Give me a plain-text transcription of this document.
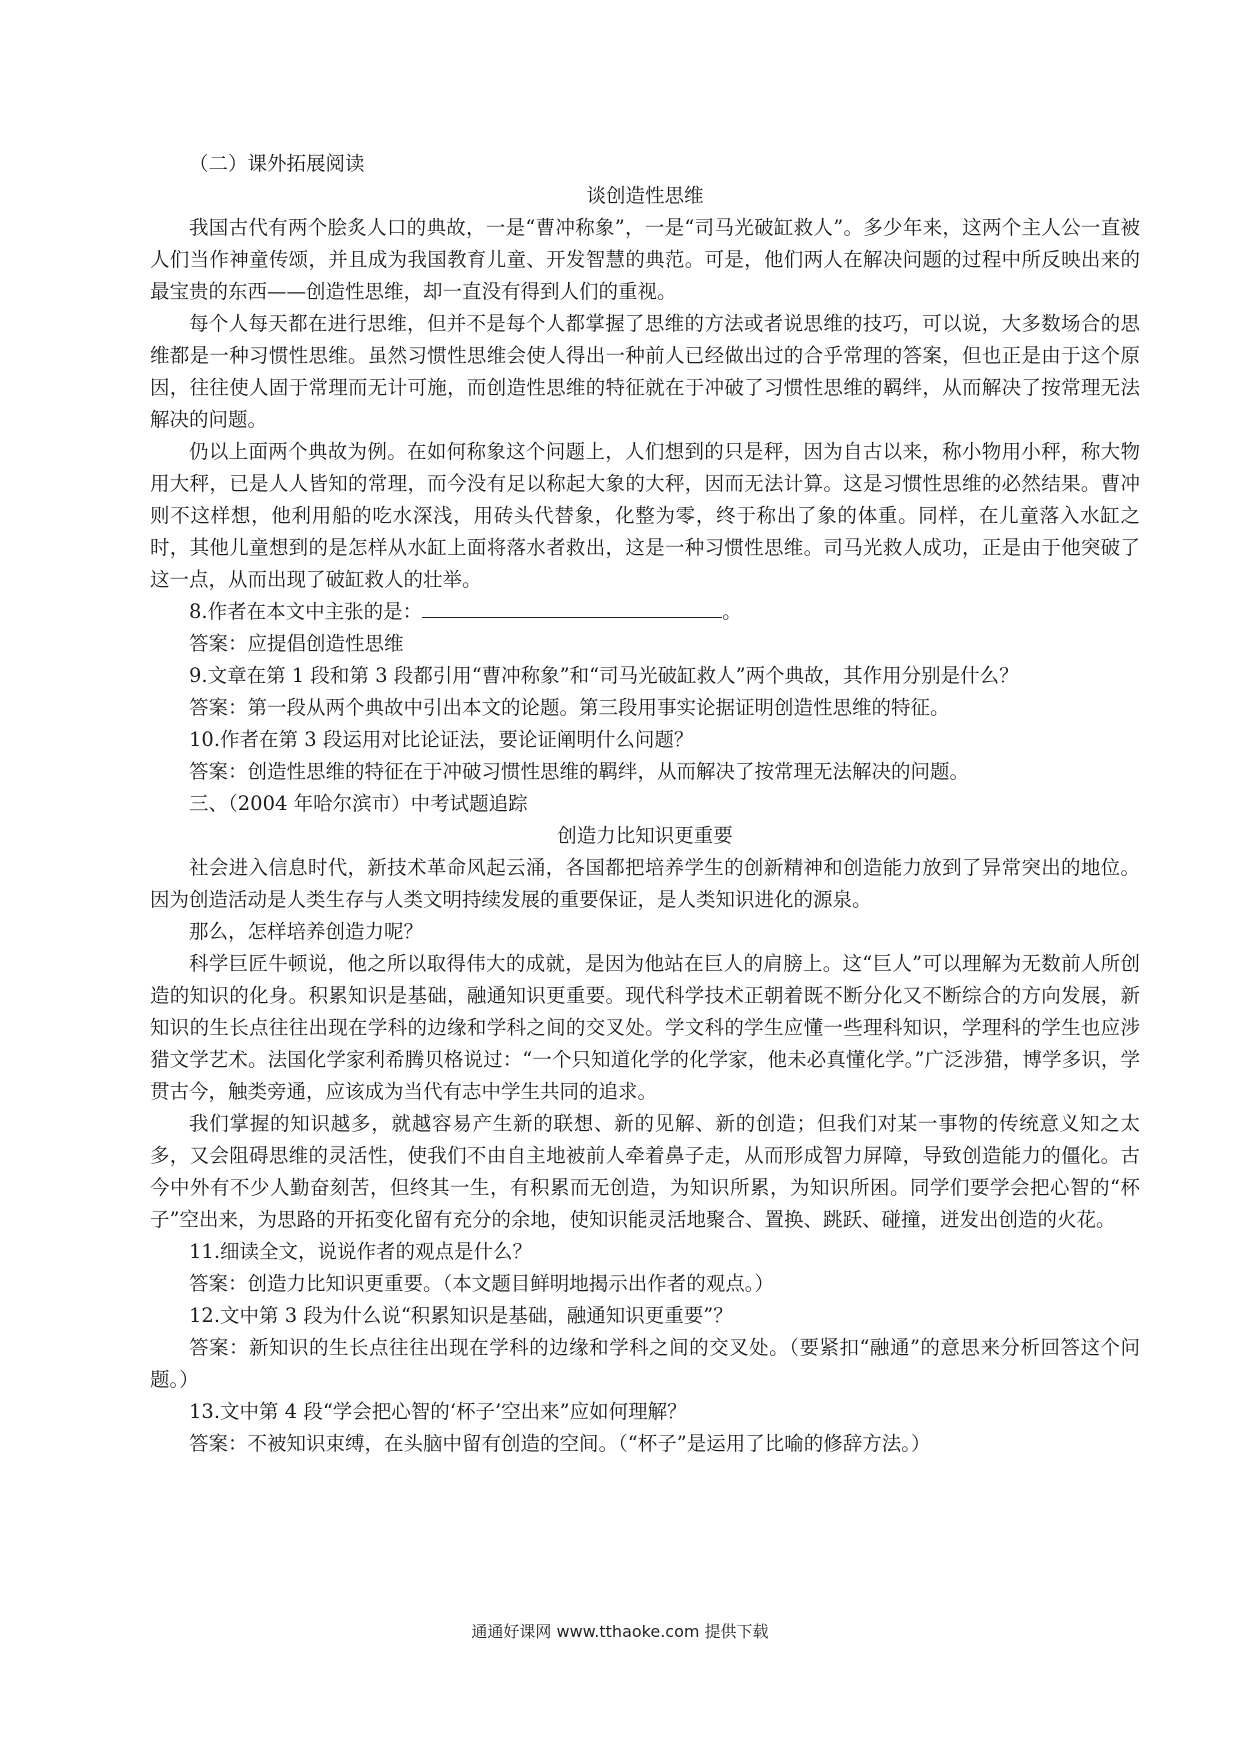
（二）课外拓展阅读
谈创造性思维
我国古代有两个脍炙人口的典故，一是“曹冲称象”，一是“司马光破缸救人”。多少年来，这两个主人公一直被人们当作神童传颂，并且成为我国教育儿童、开发智慧的典范。可是，他们两人在解决问题的过程中所反映出来的最宝贵的东西——创造性思维，却一直没有得到人们的重视。
每个人每天都在进行思维，但并不是每个人都掌握了思维的方法或者说思维的技巧，可以说，大多数场合的思维都是一种习惯性思维。虽然习惯性思维会使人得出一种前人已经做出过的合乎常理的答案，但也正是由于这个原因，往往使人固于常理而无计可施，而创造性思维的特征就在于冲破了习惯性思维的羁绊，从而解决了按常理无法解决的问题。
仍以上面两个典故为例。在如何称象这个问题上，人们想到的只是秤，因为自古以来，称小物用小秤，称大物用大秤，已是人人皆知的常理，而今没有足以称起大象的大秤，因而无法计算。这是习惯性思维的必然结果。曹冲则不这样想，他利用船的吃水深浅，用砖头代替象，化整为零，终于称出了象的体重。同样，在儿童落入水缸之时，其他儿童想到的是怎样从水缸上面将落水者救出，这是一种习惯性思维。司马光救人成功，正是由于他突破了这一点，从而出现了破缸救人的壮举。
8.作者在本文中主张的是：	。
答案：应提倡创造性思维
9.文章在第 1 段和第 3 段都引用“曹冲称象”和“司马光破缸救人”两个典故，其作用分别是什么？
答案：第一段从两个典故中引出本文的论题。第三段用事实论据证明创造性思维的特征。
10.作者在第 3 段运用对比论证法，要论证阐明什么问题？
答案：创造性思维的特征在于冲破习惯性思维的羁绊，从而解决了按常理无法解决的问题。
三、（2004 年哈尔滨市）中考试题追踪
创造力比知识更重要
社会进入信息时代，新技术革命风起云涌，各国都把培养学生的创新精神和创造能力放到了异常突出的地位。因为创造活动是人类生存与人类文明持续发展的重要保证，是人类知识进化的源泉。
那么，怎样培养创造力呢？
科学巨匠牛顿说，他之所以取得伟大的成就，是因为他站在巨人的肩膀上。这“巨人”可以理解为无数前人所创造的知识的化身。积累知识是基础，融通知识更重要。现代科学技术正朝着既不断分化又不断综合的方向发展，新知识的生长点往往出现在学科的边缘和学科之间的交叉处。学文科的学生应懂一些理科知识，学理科的学生也应涉猎文学艺术。法国化学家利希腾贝格说过：“一个只知道化学的化学家，他未必真懂化学。”广泛涉猎，博学多识，学贯古今，触类旁通，应该成为当代有志中学生共同的追求。
我们掌握的知识越多，就越容易产生新的联想、新的见解、新的创造；但我们对某一事物的传统意义知之太多，又会阻碍思维的灵活性，使我们不由自主地被前人牵着鼻子走，从而形成智力屏障，导致创造能力的僵化。古今中外有不少人勤奋刻苦，但终其一生，有积累而无创造，为知识所累，为知识所困。同学们要学会把心智的“杯子”空出来，为思路的开拓变化留有充分的余地，使知识能灵活地聚合、置换、跳跃、碰撞，迸发出创造的火花。
11.细读全文，说说作者的观点是什么？
答案：创造力比知识更重要。（本文题目鲜明地揭示出作者的观点。）
12.文中第 3 段为什么说“积累知识是基础，融通知识更重要”？
答案：新知识的生长点往往出现在学科的边缘和学科之间的交叉处。（要紧扣“融通”的意思来分析回答这个问题。）
13.文中第 4 段“学会把心智的‘杯子’空出来”应如何理解？
答案：不被知识束缚，在头脑中留有创造的空间。（“杯子”是运用了比喻的修辞方法。）
通通好课网 www.tthaoke.com 提供下载
